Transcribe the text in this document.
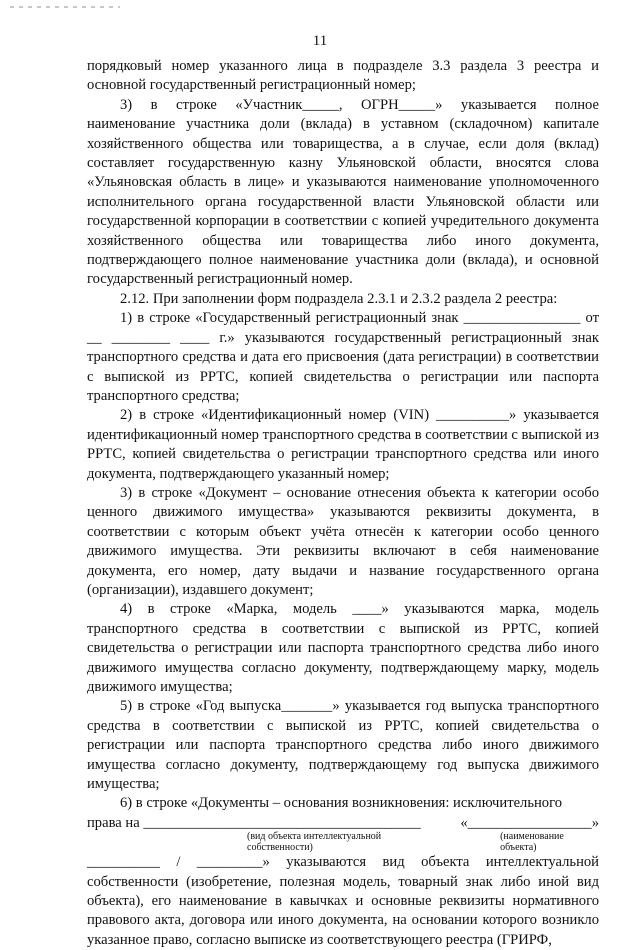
11

порядковый номер указанного лица в подразделе 3.3 раздела 3 реестра и основной государственный регистрационный номер;

3) в строке «Участник_____, ОГРН_____» указывается полное наименование участника доли (вклада) в уставном (складочном) капитале хозяйственного общества или товарищества, а в случае, если доля (вклад) составляет государственную казну Ульяновской области, вносятся слова «Ульяновская область в лице» и указываются наименование уполномоченного исполнительного органа государственной власти Ульяновской области или государственной корпорации в соответствии с копией учредительного документа хозяйственного общества или товарищества либо иного документа, подтверждающего полное наименование участника доли (вклада), и основной государственный регистрационный номер.

2.12. При заполнении форм подраздела 2.3.1 и 2.3.2 раздела 2 реестра:

1) в строке «Государственный регистрационный знак ________________ от __ ________ ____ г.» указываются государственный регистрационный знак транспортного средства и дата его присвоения (дата регистрации) в соответствии с выпиской из РРТС, копией свидетельства о регистрации или паспорта транспортного средства;

2) в строке «Идентификационный номер (VIN) __________» указывается идентификационный номер транспортного средства в соответствии с выпиской из РРТС, копией свидетельства о регистрации транспортного средства или иного документа, подтверждающего указанный номер;

3) в строке «Документ – основание отнесения объекта к категории особо ценного движимого имущества» указываются реквизиты документа, в соответствии с которым объект учёта отнесён к категории особо ценного движимого имущества. Эти реквизиты включают в себя наименование документа, его номер, дату выдачи и название государственного органа (организации), издавшего документ;

4) в строке «Марка, модель ____» указываются марка, модель транспортного средства в соответствии с выпиской из РРТС, копией свидетельства о регистрации или паспорта транспортного средства либо иного движимого имущества согласно документу, подтверждающему марку, модель движимого имущества;

5) в строке «Год выпуска_______» указывается год выпуска транспортного средства в соответствии с выпиской из РРТС, копией свидетельства о регистрации или паспорта транспортного средства либо иного движимого имущества согласно документу, подтверждающему год выпуска движимого имущества;

6) в строке «Документы – основания возникновения: исключительного

права на ______________________________________	«_________________»
(вид объекта интеллектуальной собственности)
(наименование объекта)

__________ / _________» указываются вид объекта интеллектуальной собственности (изобретение, полезная модель, товарный знак либо иной вид объекта), его наименование в кавычках и основные реквизиты нормативного правового акта, договора или иного документа, на основании которого возникло указанное право, согласно выписке из соответствующего реестра (ГРИРФ,
